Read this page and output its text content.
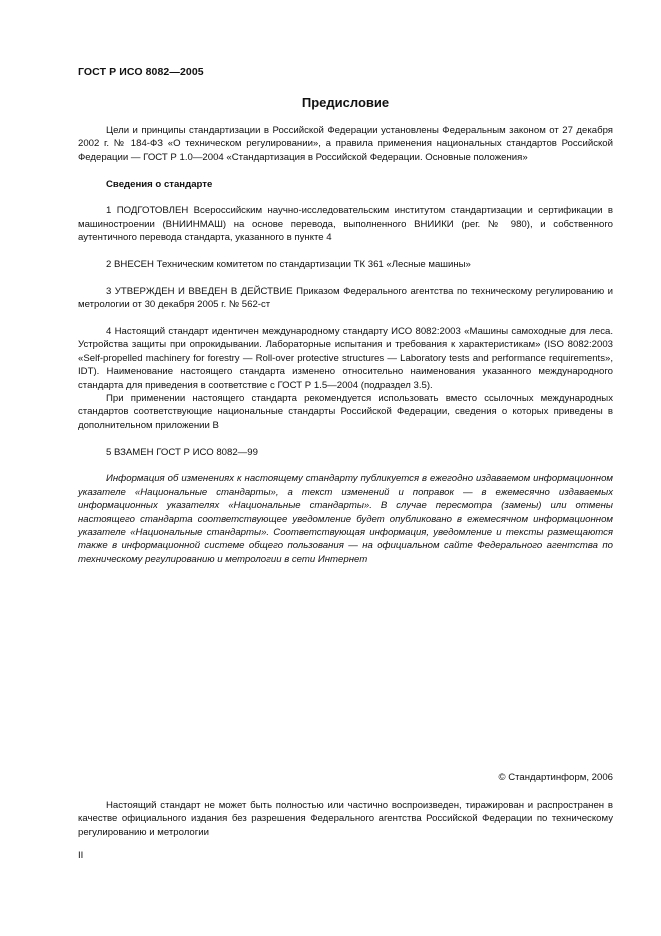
ГОСТ Р ИСО 8082—2005
Предисловие

Цели и принципы стандартизации в Российской Федерации установлены Федеральным законом от 27 декабря 2002 г. № 184-ФЗ «О техническом регулировании», а правила применения национальных стандартов Российской Федерации — ГОСТ Р 1.0—2004 «Стандартизация в Российской Федерации. Основные положения»

Сведения о стандарте

1 ПОДГОТОВЛЕН Всероссийским научно-исследовательским институтом стандартизации и сертификации в машиностроении (ВНИИНМАШ) на основе перевода, выполненного ВНИИКИ (рег. № 980), и собственного аутентичного перевода стандарта, указанного в пункте 4

2 ВНЕСЕН Техническим комитетом по стандартизации ТК 361 «Лесные машины»

3 УТВЕРЖДЕН И ВВЕДЕН В ДЕЙСТВИЕ Приказом Федерального агентства по техническому регулированию и метрологии от 30 декабря 2005 г. № 562-ст

4 Настоящий стандарт идентичен международному стандарту ИСО 8082:2003 «Машины самоходные для леса. Устройства защиты при опрокидывании. Лабораторные испытания и требования к характеристикам» (ISO 8082:2003 «Self-propelled machinery for forestry — Roll-over protective structures — Laboratory tests and performance requirements», IDT). Наименование настоящего стандарта изменено относительно наименования указанного международного стандарта для приведения в соответствие с ГОСТ Р 1.5—2004 (подраздел 3.5).

При применении настоящего стандарта рекомендуется использовать вместо ссылочных международных стандартов соответствующие национальные стандарты Российской Федерации, сведения о которых приведены в дополнительном приложении В

5 ВЗАМЕН ГОСТ Р ИСО 8082—99

Информация об изменениях к настоящему стандарту публикуется в ежегодно издаваемом информационном указателе «Национальные стандарты», а текст изменений и поправок — в ежемесячно издаваемых информационных указателях «Национальные стандарты». В случае пересмотра (замены) или отмены настоящего стандарта соответствующее уведомление будет опубликовано в ежемесячном информационном указателе «Национальные стандарты». Соответствующая информация, уведомление и тексты размещаются также в информационной системе общего пользования — на официальном сайте Федерального агентства по техническому регулированию и метрологии в сети Интернет

© Стандартинформ, 2006

Настоящий стандарт не может быть полностью или частично воспроизведен, тиражирован и распространен в качестве официального издания без разрешения Федерального агентства Российской Федерации по техническому регулированию и метрологии

II
